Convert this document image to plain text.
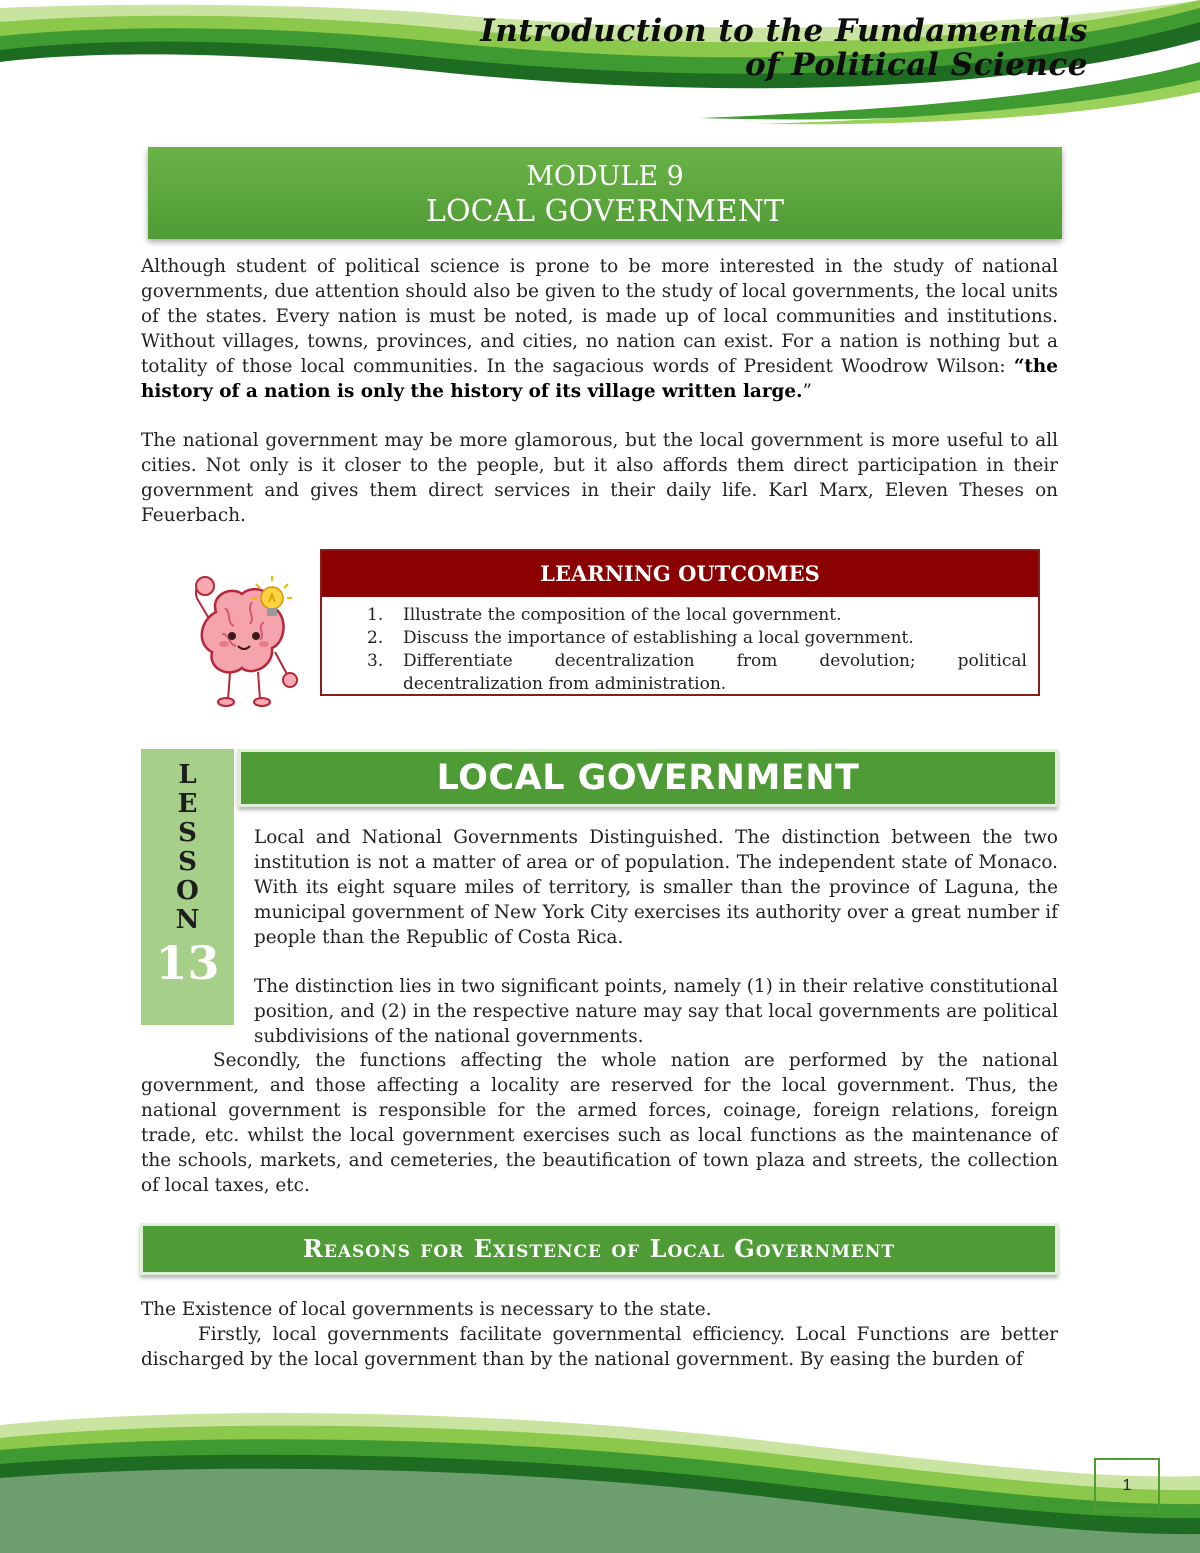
Introduction to the Fundamentals
of Political Science
MODULE 9
LOCAL GOVERNMENT
Although student of political science is prone to be more interested in the study of national governments, due attention should also be given to the study of local governments, the local units of the states. Every nation is must be noted, is made up of local communities and institutions. Without villages, towns, provinces, and cities, no nation can exist. For a nation is nothing but a totality of those local communities. In the sagacious words of President Woodrow Wilson: “the history of a nation is only the history of its village written large.”
The national government may be more glamorous, but the local government is more useful to all cities. Not only is it closer to the people, but it also affords them direct participation in their government and gives them direct services in their daily life. Karl Marx, Eleven Theses on Feuerbach.
LEARNING OUTCOMES
1.	Illustrate the composition of the local government.
2.	Discuss the importance of establishing a local government.
3.	Differentiate decentralization from devolution; political
decentralization from administration.
L
E
S
S
O
N
13
LOCAL GOVERNMENT
Local and National Governments Distinguished. The distinction between the two institution is not a matter of area or of population. The independent state of Monaco. With its eight square miles of territory, is smaller than the province of Laguna, the municipal government of New York City exercises its authority over a great number if people than the Republic of Costa Rica.
The distinction lies in two significant points, namely (1) in their relative constitutional position, and (2) in the respective nature may say that local governments are political subdivisions of the national governments.
Secondly, the functions affecting the whole nation are performed by the national government, and those affecting a locality are reserved for the local government. Thus, the national government is responsible for the armed forces, coinage, foreign relations, foreign trade, etc. whilst the local government exercises such as local functions as the maintenance of the schools, markets, and cemeteries, the beautification of town plaza and streets, the collection of local taxes, etc.
Reasons for Existence of Local Government
The Existence of local governments is necessary to the state.
Firstly, local governments facilitate governmental efficiency. Local Functions are better discharged by the local government than by the national government. By easing the burden of
1
